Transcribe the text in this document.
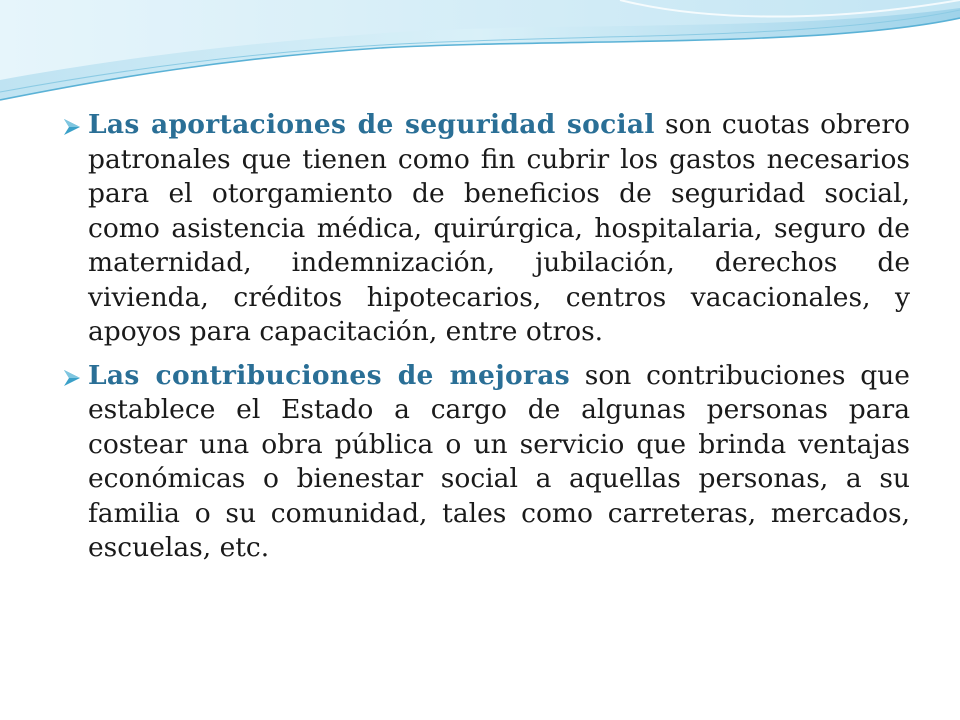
Las aportaciones de seguridad social son cuotas obrero patronales que tienen como fin cubrir los gastos necesarios para el otorgamiento de beneficios de seguridad social, como asistencia médica, quirúrgica, hospitalaria, seguro de maternidad, indemnización, jubilación, derechos de vivienda, créditos hipotecarios, centros vacacionales, y apoyos para capacitación, entre otros.

Las contribuciones de mejoras son contribuciones que establece el Estado a cargo de algunas personas para costear una obra pública o un servicio que brinda ventajas económicas o bienestar social a aquellas personas, a su familia o su comunidad, tales como carreteras, mercados, escuelas, etc.
